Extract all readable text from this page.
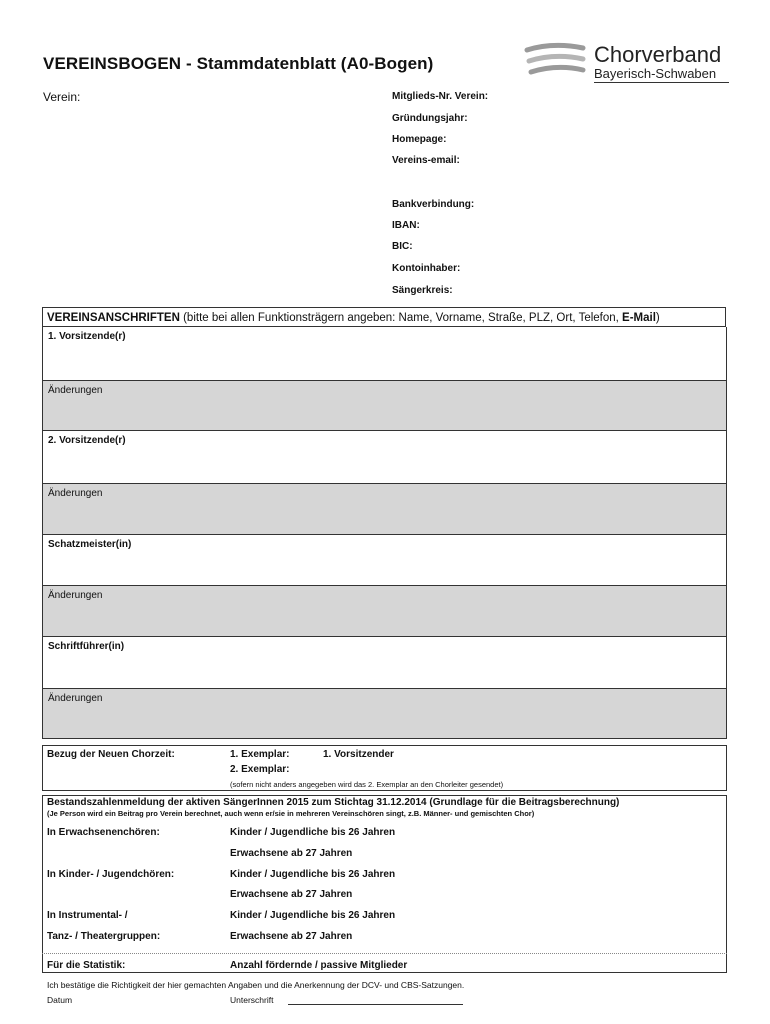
VEREINSBOGEN - Stammdatenblatt (A0-Bogen)	Chorverband
Bayerisch-Schwaben
Verein:	Mitglieds-Nr. Verein:
Gründungsjahr:
Homepage:
Vereins-email:
Bankverbindung:
IBAN:
BIC:
Kontoinhaber:
Sängerkreis:
VEREINSANSCHRIFTEN (bitte bei allen Funktionsträgern angeben: Name, Vorname, Straße, PLZ, Ort, Telefon, E-Mail)
1. Vorsitzende(r)
Änderungen
2. Vorsitzende(r)
Änderungen
Schatzmeister(in)
Änderungen
Schriftführer(in)
Änderungen
Bezug der Neuen Chorzeit:	1. Exemplar:	1. Vorsitzender
2. Exemplar:
(sofern nicht anders angegeben wird das 2. Exemplar an den Chorleiter gesendet)
Bestandszahlenmeldung der aktiven SängerInnen 2015 zum Stichtag 31.12.2014 (Grundlage für die Beitragsberechnung)
(Je Person wird ein Beitrag pro Verein berechnet, auch wenn er/sie in mehreren Vereinschören singt, z.B. Männer- und gemischten Chor)
In Erwachsenenchören:	Kinder / Jugendliche bis 26 Jahren
Erwachsene ab 27 Jahren
In Kinder- / Jugendchören:	Kinder / Jugendliche bis 26 Jahren
Erwachsene ab 27 Jahren
In Instrumental- /	Kinder / Jugendliche bis 26 Jahren
Tanz- / Theatergruppen:	Erwachsene ab 27 Jahren
Für die Statistik:	Anzahl fördernde / passive Mitglieder
Ich bestätige die Richtigkeit der hier gemachten Angaben und die Anerkennung der DCV- und CBS-Satzungen.
Datum	Unterschrift
